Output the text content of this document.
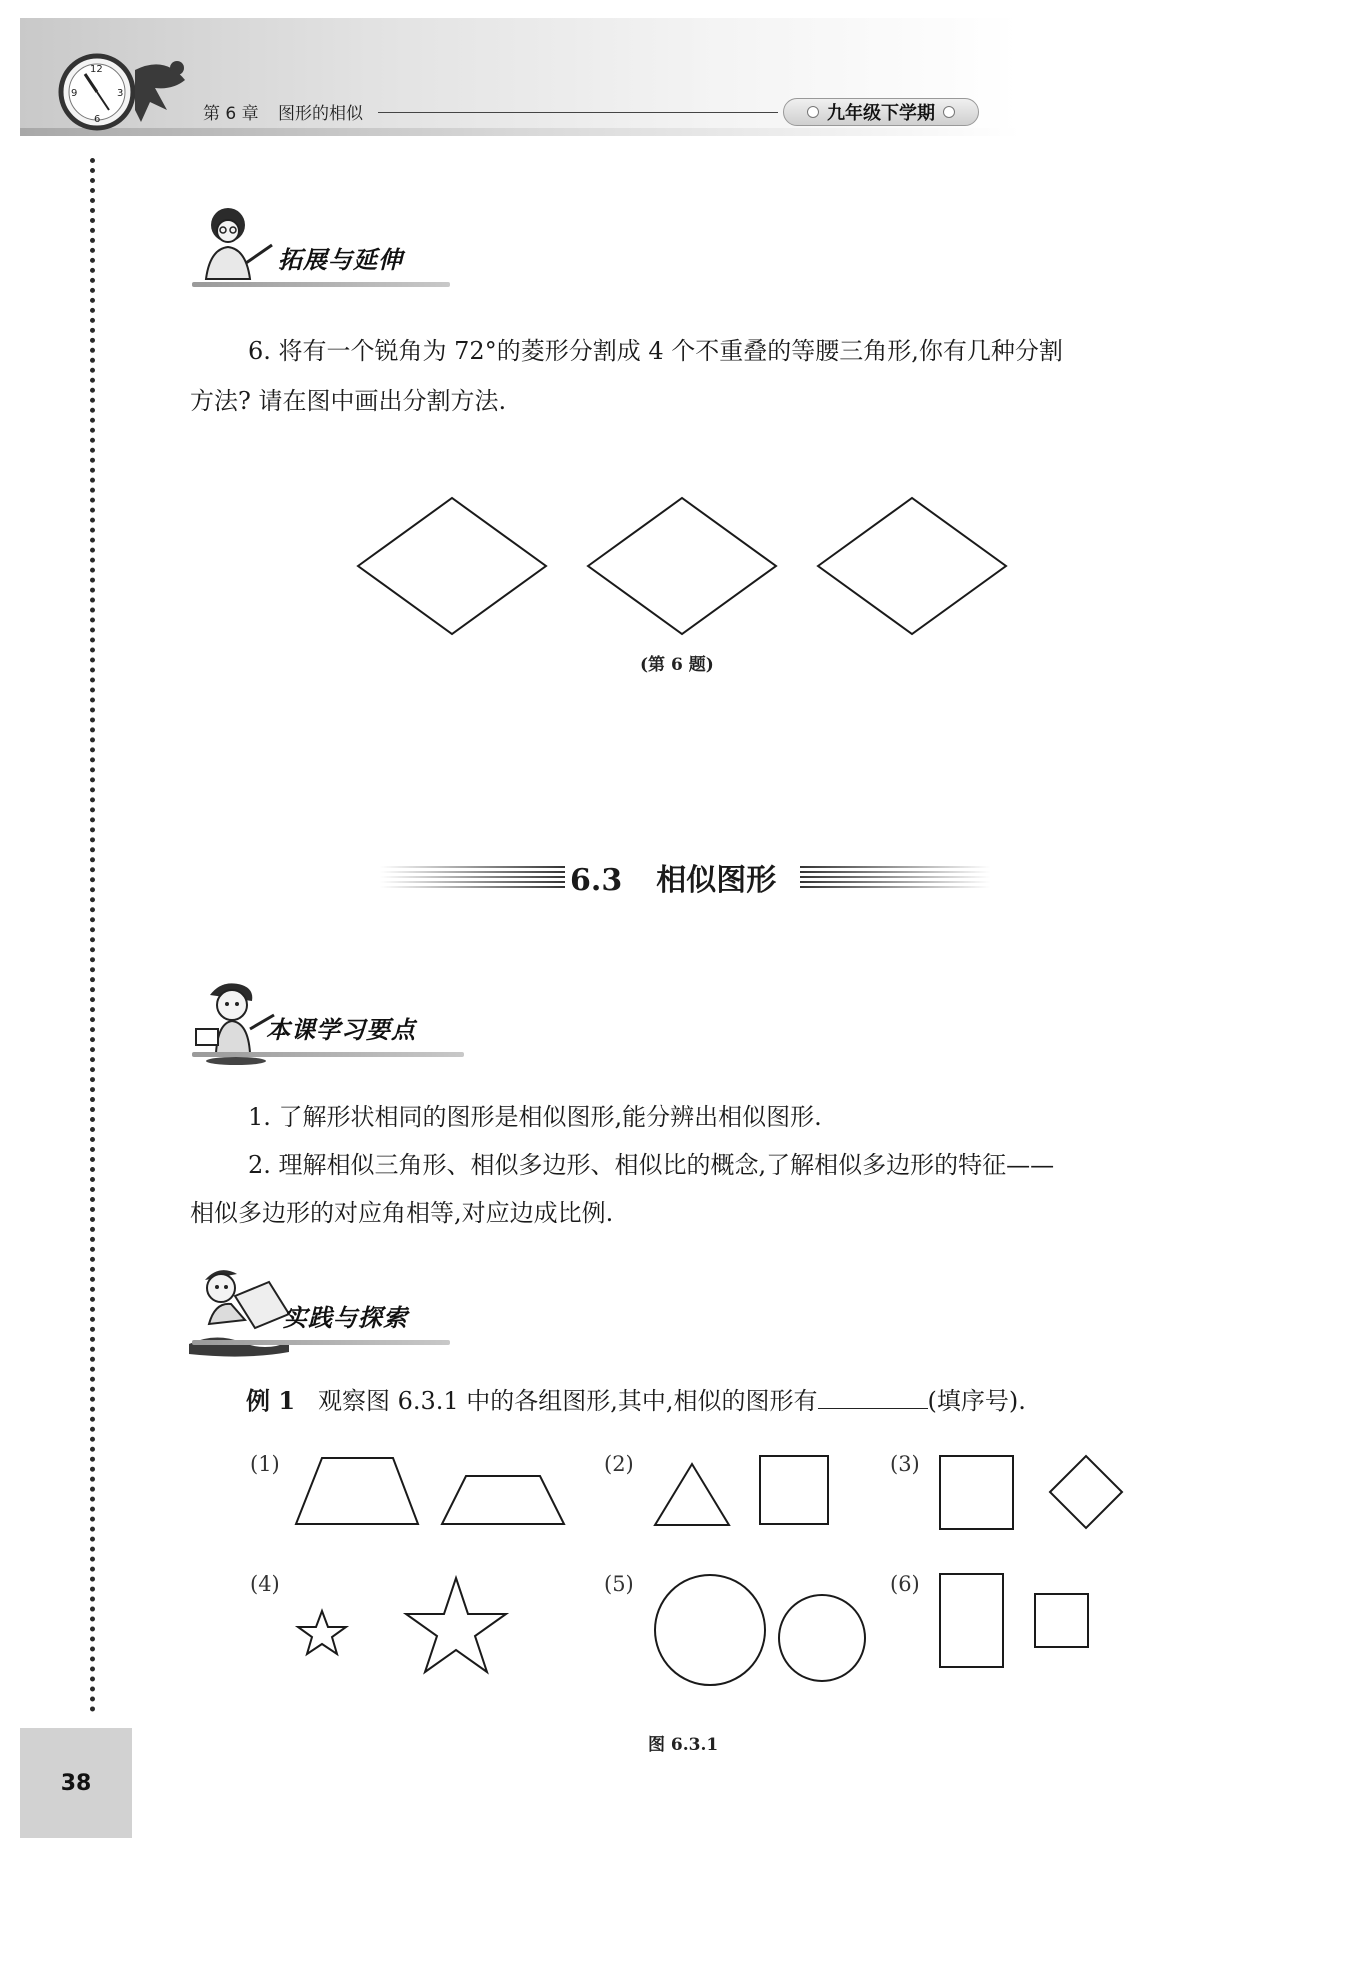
12
3
6
9
第 6 章 图形的相似	九年级下学期
拓展与延伸
6. 将有一个锐角为 72°的菱形分割成 4 个不重叠的等腰三角形,你有几种分割
方法? 请在图中画出分割方法.
(第 6 题)
6.3 相似图形
本课学习要点
1. 了解形状相同的图形是相似图形,能分辨出相似图形.
2. 理解相似三角形、相似多边形、相似比的概念,了解相似多边形的特征——
相似多边形的对应角相等,对应边成比例.
实践与探索
例 1 观察图 6.3.1 中的各组图形,其中,相似的图形有	(填序号).
(1)	(2)	(3)
(4)	(5)	(6)
图 6.3.1
38
